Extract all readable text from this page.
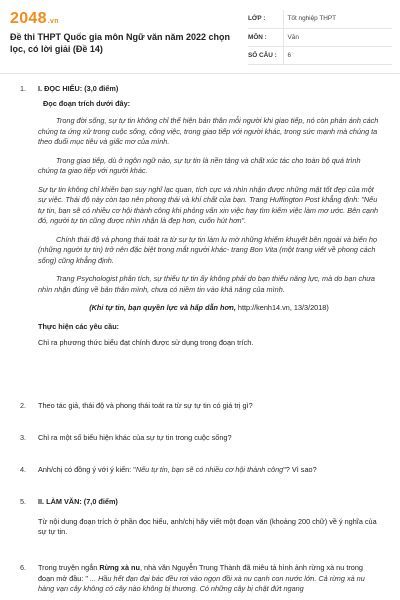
2048.vn
Đề thi THPT Quốc gia môn Ngữ văn năm 2022 chọn lọc, có lời giải (Đề 14)
LỚP :	Tốt nghiệp THPT
MÔN :	Văn
SỐ CÂU :	6
1.	I. ĐỌC HIỂU: (3,0 điểm)
Đọc đoạn trích dưới đây:

Trong đời sống, sự tự tin không chỉ thể hiện bản thân mỗi người khi giao tiếp, nó còn phản ánh cách chúng ta ứng xử trong cuộc sống, công việc, trong giao tiếp với người khác, trong sức mạnh mà chúng ta theo đuổi mục tiêu và giấc mơ của mình.

Trong giao tiếp, dù ở ngôn ngữ nào, sự tự tin là nền tảng và chất xúc tác cho toàn bộ quá trình chúng ta giao tiếp với người khác.

Sự tự tin không chỉ khiến bạn suy nghĩ lạc quan, tích cực và nhìn nhận được những mặt tốt đẹp của một sự việc. Thái độ này còn tạo nên phong thái và khí chất của bạn. Trang Huffington Post khẳng định: "Nếu tự tin, bạn sẽ có nhiều cơ hội thành công khi phỏng vấn xin việc hay tìm kiếm việc làm mơ ước. Bên cạnh đó, người tự tin cũng được nhìn nhận là đẹp hơn, cuốn hút hơn".

Chính thái độ và phong thái toát ra từ sự tự tin làm lu mờ những khiếm khuyết bên ngoài và biến họ (những người tự tin) trở nên đặc biệt trong mắt người khác- trang Bon Vita (một trang viết về phong cách sống) cũng khẳng định.

Trang Psychologist phân tích, sự thiếu tự tin ấy không phải do bạn thiếu năng lực, mà do bạn chưa nhìn nhận đúng về bản thân mình, chưa có niềm tin vào khả năng của mình.

(Khi tự tin, bạn quyền lực và hấp dẫn hơn, http://kenh14.vn, 13/3/2018)

Thực hiện các yêu cầu:

Chỉ ra phương thức biểu đạt chính được sử dụng trong đoạn trích.

2.	Theo tác giả, thái độ và phong thái toát ra từ sự tự tin có giá trị gì?
3.	Chỉ ra một số biểu hiện khác của sự tự tin trong cuộc sống?
4.	Anh/chị có đồng ý với ý kiến: "Nếu tự tin, bạn sẽ có nhiều cơ hội thành công"? Vì sao?
5.	II. LÀM VĂN: (7,0 điểm)

Từ nội dung đoạn trích ở phần đọc hiểu, anh/chị hãy viết một đoạn văn (khoảng 200 chữ) về ý nghĩa của sự tự tin.

6.	Trong truyện ngắn Rừng xà nu, nhà văn Nguyễn Trung Thành đã miêu tả hình ảnh rừng xà nu trong đoạn mở đầu: " ... Hầu hết đạn đại bác đều rơi vào ngọn đồi xà nu cạnh con nước lớn. Cả rừng xà nu hàng vạn cây không có cây nào không bị thương. Có những cây bị chặt đứt ngang
